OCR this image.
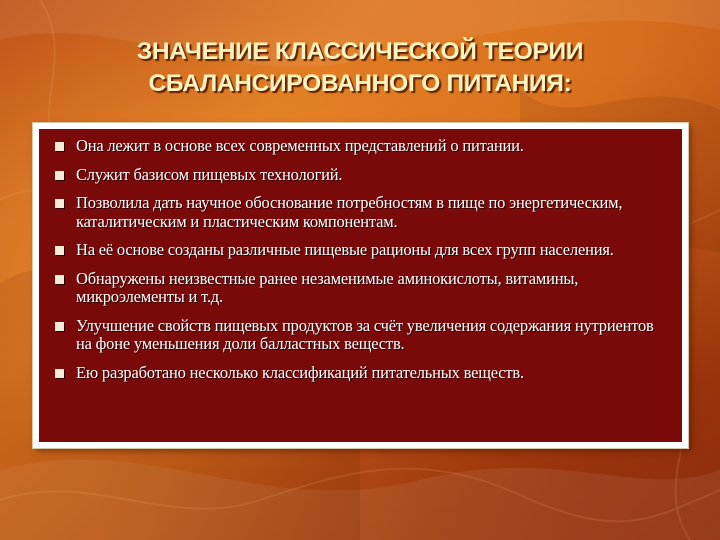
ЗНАЧЕНИЕ КЛАССИЧЕСКОЙ ТЕОРИИ
СБАЛАНСИРОВАННОГО ПИТАНИЯ:
Она лежит в основе всех современных представлений о питании.
Служит базисом пищевых технологий.
Позволила дать научное обоснование потребностям в пище по энергетическим, каталитическим и пластическим компонентам.
На её основе созданы различные пищевые рационы для всех групп населения.
Обнаружены неизвестные ранее незаменимые аминокислоты, витамины, микроэлементы и т.д.
Улучшение свойств пищевых продуктов за счёт увеличения содержания нутриентов на фоне уменьшения доли балластных веществ.
Ею разработано несколько классификаций питательных веществ.
